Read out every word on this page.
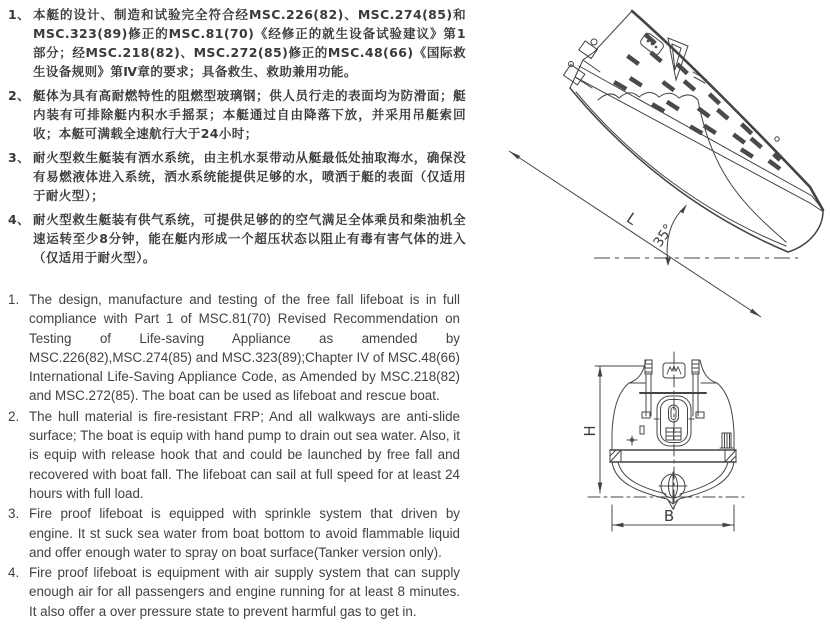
1、 本艇的设计、制造和试验完全符合经MSC.226(82)、MSC.274(85)和MSC.323(89)修正的MSC.81(70)《经修正的就生设备试验建议》第1部分；经MSC.218(82)、MSC.272(85)修正的MSC.48(66)《国际救生设备规则》第Ⅳ章的要求；具备救生、救助兼用功能。
2、 艇体为具有高耐燃特性的阻燃型玻璃钢；供人员行走的表面均为防滑面；艇内装有可排除艇内积水手摇泵；本艇通过自由降落下放，并采用吊艇索回收；本艇可满载全速航行大于24小时；
3、 耐火型救生艇装有洒水系统，由主机水泵带动从艇最低处抽取海水，确保没有易燃液体进入系统，洒水系统能提供足够的水，喷洒于艇的表面（仅适用于耐火型）；
4、 耐火型救生艇装有供气系统，可提供足够的的空气满足全体乘员和柴油机全速运转至少8分钟，能在艇内形成一个超压状态以阻止有毒有害气体的进入（仅适用于耐火型）。
1. The design, manufacture and testing of the free fall lifeboat is in full compliance with Part 1 of MSC.81(70) Revised Recommendation on Testing of Life-saving Appliance as amended by MSC.226(82),MSC.274(85) and MSC.323(89);Chapter IV of MSC.48(66) International Life-Saving Appliance Code, as Amended by MSC.218(82) and MSC.272(85). The boat can be used as lifeboat and rescue boat.
2. The hull material is fire-resistant FRP; And all walkways are anti-slide surface; The boat is equip with hand pump to drain out sea water. Also, it is equip with release hook that and could be launched by free fall and recovered with boat fall. The lifeboat can sail at full speed for at least 24 hours with full load.
3. Fire proof lifeboat is equipped with sprinkle system that driven by engine. It st suck sea water from boat bottom to avoid flammable liquid and offer enough water to spray on boat surface(Tanker version only).
4. Fire proof lifeboat is equipment with air supply system that can supply enough air for all passengers and engine running for at least 8 minutes. It also offer a over pressure state to prevent harmful gas to get in.
L
35°
H
B
